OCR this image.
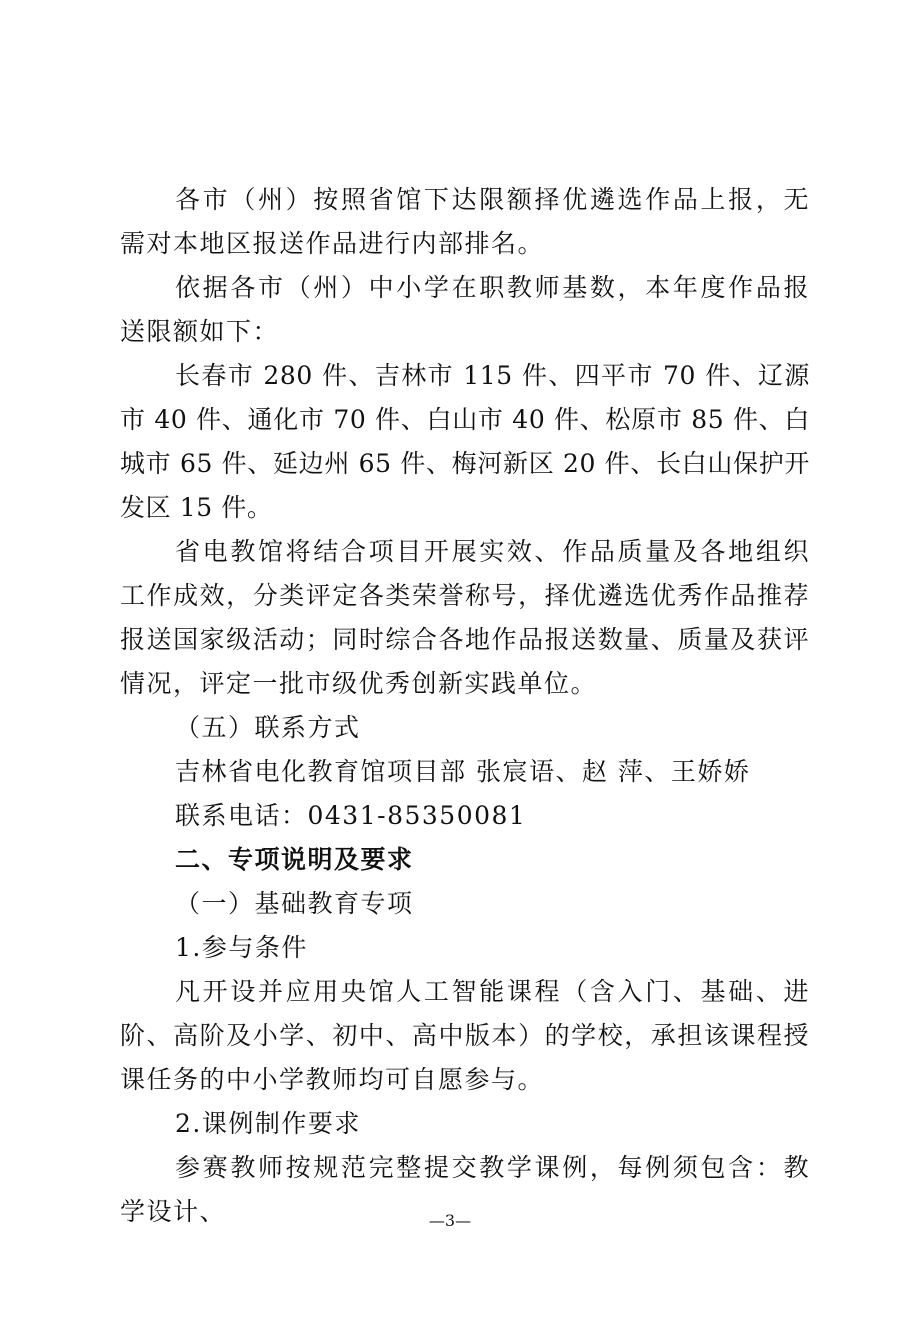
各市（州）按照省馆下达限额择优遴选作品上报，无需对本地区报送作品进行内部排名。

依据各市（州）中小学在职教师基数，本年度作品报送限额如下：

长春市 280 件、吉林市 115 件、四平市 70 件、辽源市 40 件、通化市 70 件、白山市 40 件、松原市 85 件、白城市 65 件、延边州 65 件、梅河新区 20 件、长白山保护开发区 15 件。

省电教馆将结合项目开展实效、作品质量及各地组织工作成效，分类评定各类荣誉称号，择优遴选优秀作品推荐报送国家级活动；同时综合各地作品报送数量、质量及获评情况，评定一批市级优秀创新实践单位。

（五）联系方式

吉林省电化教育馆项目部 张宸语、赵 萍、王娇娇

联系电话：0431-85350081

二、专项说明及要求

（一）基础教育专项

1.参与条件

凡开设并应用央馆人工智能课程（含入门、基础、进阶、高阶及小学、初中、高中版本）的学校，承担该课程授课任务的中小学教师均可自愿参与。

2.课例制作要求

参赛教师按规范完整提交教学课例，每例须包含：教学设计、	—3—
